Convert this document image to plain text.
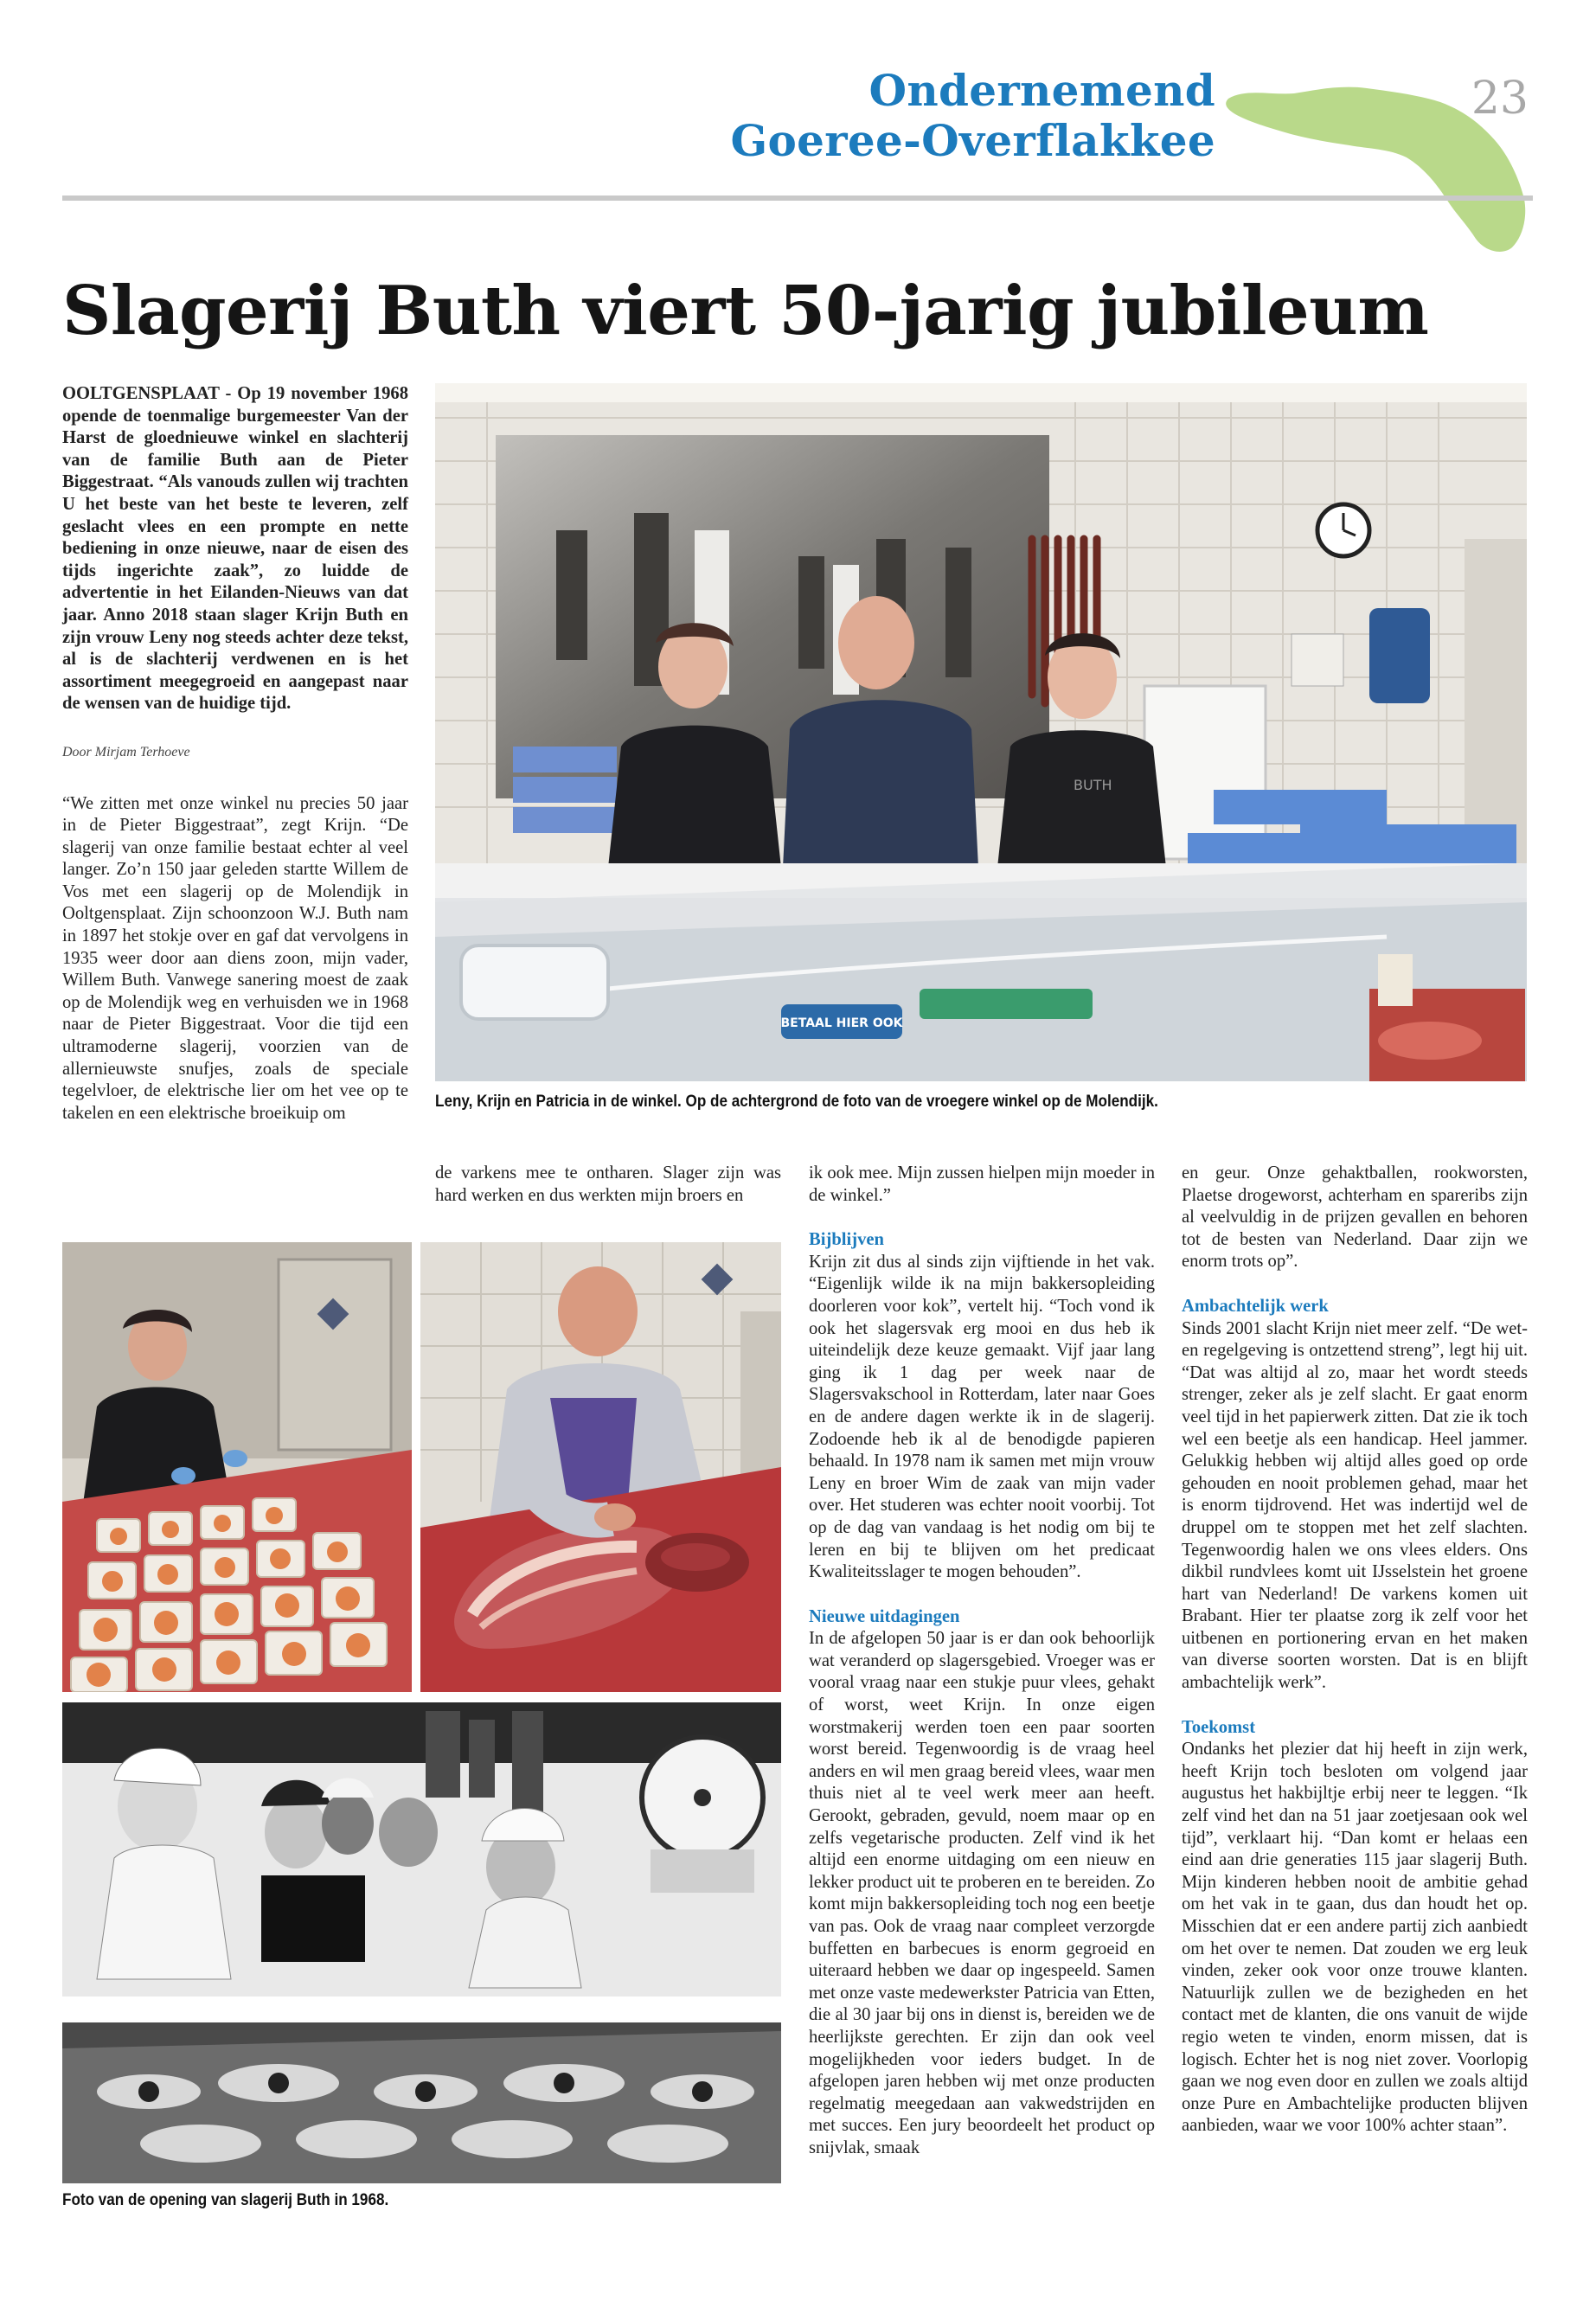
Ondernemend
Goeree-Overflakkee
23
Slagerij Buth viert 50-jarig jubileum

OOLTGENSPLAAT - Op 19 november 1968 opende de toenmalige burgemeester Van der Harst de gloednieuwe winkel en slachterij van de familie Buth aan de Pieter Biggestraat. “Als vanouds zullen wij trachten U het beste van het beste te leveren, zelf geslacht vlees en een prompte en nette bediening in onze nieuwe, naar de eisen des tijds ingerichte zaak”, zo luidde de advertentie in het Eilanden-Nieuws van dat jaar. Anno 2018 staan slager Krijn Buth en zijn vrouw Leny nog steeds achter deze tekst, al is de slachterij verdwenen en is het assortiment meegegroeid en aangepast naar de wensen van de huidige tijd.

Door Mirjam Terhoeve

“We zitten met onze winkel nu precies 50 jaar in de Pieter Biggestraat”, zegt Krijn. “De slagerij van onze familie bestaat echter al veel langer. Zo’n 150 jaar geleden startte Willem de Vos met een slagerij op de Molendijk in Ooltgensplaat. Zijn schoonzoon W.J. Buth nam in 1897 het stokje over en gaf dat vervolgens in 1935 weer door aan diens zoon, mijn vader, Willem Buth. Vanwege sanering moest de zaak op de Molendijk weg en verhuisden we in 1968 naar de Pieter Biggestraat. Voor die tijd een ultramoderne slagerij, voorzien van de allernieuwste snufjes, zoals de speciale tegelvloer, de elektrische lier om het vee op te takelen en een elektrische broeikuip om

BUTH
BETAAL HIER OOK
Leny, Krijn en Patricia in de winkel. Op de achtergrond de foto van de vroegere winkel op de Molendijk.

de varkens mee te ontharen. Slager zijn was hard werken en dus werkten mijn broers en

ik ook mee. Mijn zussen hielpen mijn moeder in de winkel.”

Bijblijven

Krijn zit dus al sinds zijn vijftiende in het vak. “Eigenlijk wilde ik na mijn bakkersopleiding doorleren voor kok”, vertelt hij. “Toch vond ik ook het slagersvak erg mooi en dus heb ik uiteindelijk deze keuze gemaakt. Vijf jaar lang ging ik 1 dag per week naar de Slagersvakschool in Rotterdam, later naar Goes en de andere dagen werkte ik in de slagerij. Zodoende heb ik al de benodigde papieren behaald. In 1978 nam ik samen met mijn vrouw Leny en broer Wim de zaak van mijn vader over. Het studeren was echter nooit voorbij. Tot op de dag van vandaag is het nodig om bij te leren en bij te blijven om het predicaat Kwaliteitsslager te mogen behouden”.

Nieuwe uitdagingen

In de afgelopen 50 jaar is er dan ook behoorlijk wat veranderd op slagersgebied. Vroeger was er vooral vraag naar een stukje puur vlees, gehakt of worst, weet Krijn. In onze eigen worstmakerij werden toen een paar soorten worst bereid. Tegenwoordig is de vraag heel anders en wil men graag bereid vlees, waar men thuis niet al te veel werk meer aan heeft. Gerookt, gebraden, gevuld, noem maar op en zelfs vegetarische producten. Zelf vind ik het altijd een enorme uitdaging om een nieuw en lekker product uit te proberen en te bereiden. Zo komt mijn bakkersopleiding toch nog een beetje van pas. Ook de vraag naar compleet verzorgde buffetten en barbecues is enorm gegroeid en uiteraard hebben we daar op ingespeeld. Samen met onze vaste medewerkster Patricia van Etten, die al 30 jaar bij ons in dienst is, bereiden we de heerlijkste gerechten. Er zijn dan ook veel mogelijkheden voor ieders budget. In de afgelopen jaren hebben wij met onze producten regelmatig meegedaan aan vakwedstrijden en met succes. Een jury beoordeelt het product op snijvlak, smaak

en geur. Onze gehaktballen, rookworsten, Plaetse drogeworst, achterham en spareribs zijn al veelvuldig in de prijzen gevallen en behoren tot de besten van Nederland. Daar zijn we enorm trots op”.

Ambachtelijk werk

Sinds 2001 slacht Krijn niet meer zelf. “De wet- en regelgeving is ontzettend streng”, legt hij uit. “Dat was altijd al zo, maar het wordt steeds strenger, zeker als je zelf slacht. Er gaat enorm veel tijd in het papierwerk zitten. Dat zie ik toch wel een beetje als een handicap. Heel jammer. Gelukkig hebben wij altijd alles goed op orde gehouden en nooit problemen gehad, maar het is enorm tijdrovend. Het was indertijd wel de druppel om te stoppen met het zelf slachten. Tegenwoordig halen we ons vlees elders. Ons dikbil rundvlees komt uit IJsselstein het groene hart van Nederland! De varkens komen uit Brabant. Hier ter plaatse zorg ik zelf voor het uitbenen en portionering ervan en het maken van diverse soorten worsten. Dat is en blijft ambachtelijk werk”.

Toekomst

Ondanks het plezier dat hij heeft in zijn werk, heeft Krijn toch besloten om volgend jaar augustus het hakbijltje erbij neer te leggen. “Ik zelf vind het dan na 51 jaar zoetjesaan ook wel tijd”, verklaart hij. “Dan komt er helaas een eind aan drie generaties 115 jaar slagerij Buth. Mijn kinderen hebben nooit de ambitie gehad om het vak in te gaan, dus dan houdt het op. Misschien dat er een andere partij zich aanbiedt om het over te nemen. Dat zouden we erg leuk vinden, zeker ook voor onze trouwe klanten. Natuurlijk zullen we de bezigheden en het contact met de klanten, die ons vanuit de wijde regio weten te vinden, enorm missen, dat is logisch. Echter het is nog niet zover. Voorlopig gaan we nog even door en zullen we zoals altijd onze Pure en Ambachtelijke producten blijven aanbieden, waar we voor 100% achter staan”.

Foto van de opening van slagerij Buth in 1968.
